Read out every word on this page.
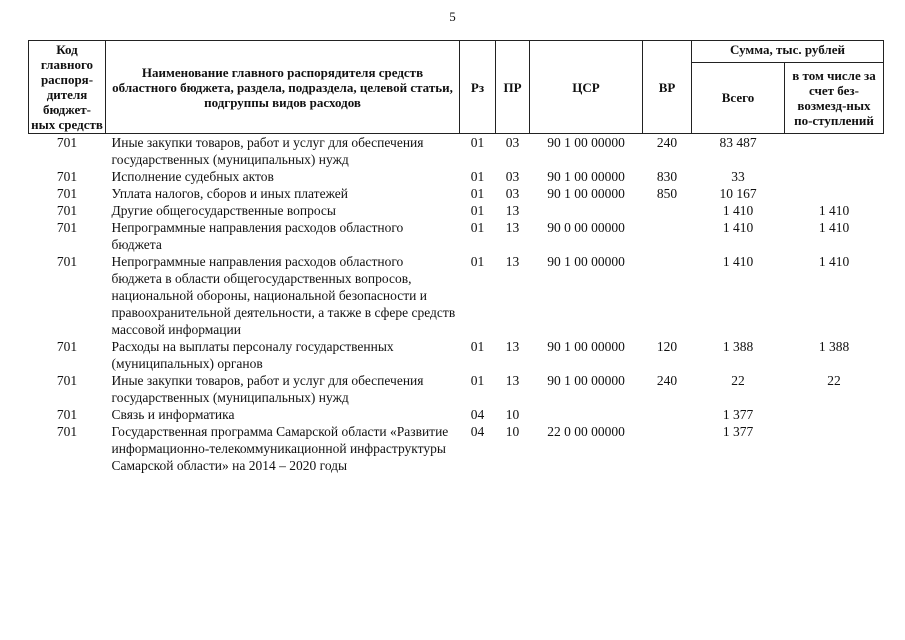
5
Код главного распоря-дителя бюджет-ных средств	Наименование главного распорядителя средств областного бюджета, раздела, подраздела, целевой статьи, подгруппы видов расходов	Рз	ПР	ЦСР	ВР	Сумма, тыс. рублей	
						Всего	в том числе за счет без-возмезд-ных по-ступлений
701	Иные закупки товаров, работ и услуг для обеспечения государственных (муниципальных) нужд	01	03	90 1 00 00000	240	83 487	
701	Исполнение судебных актов	01	03	90 1 00 00000	830	33	
701	Уплата налогов, сборов и иных платежей	01	03	90 1 00 00000	850	10 167	
701	Другие общегосударственные вопросы	01	13			1 410	1 410
701	Непрограммные направления расходов областного бюджета	01	13	90 0 00 00000		1 410	1 410
701	Непрограммные направления расходов областного бюджета в области общегосударственных вопросов, национальной обороны, национальной безопасности и правоохранительной деятельности, а также в сфере средств массовой информации	01	13	90 1 00 00000		1 410	1 410
701	Расходы на выплаты персоналу государственных (муниципальных) органов	01	13	90 1 00 00000	120	1 388	1 388
701	Иные закупки товаров, работ и услуг для обеспечения государственных (муниципальных) нужд	01	13	90 1 00 00000	240	22	22
701	Связь и информатика	04	10			1 377	
701	Государственная программа Самарской области «Развитие информационно-телекоммуникационной инфраструктуры Самарской области» на 2014 – 2020 годы	04	10	22 0 00 00000		1 377	
